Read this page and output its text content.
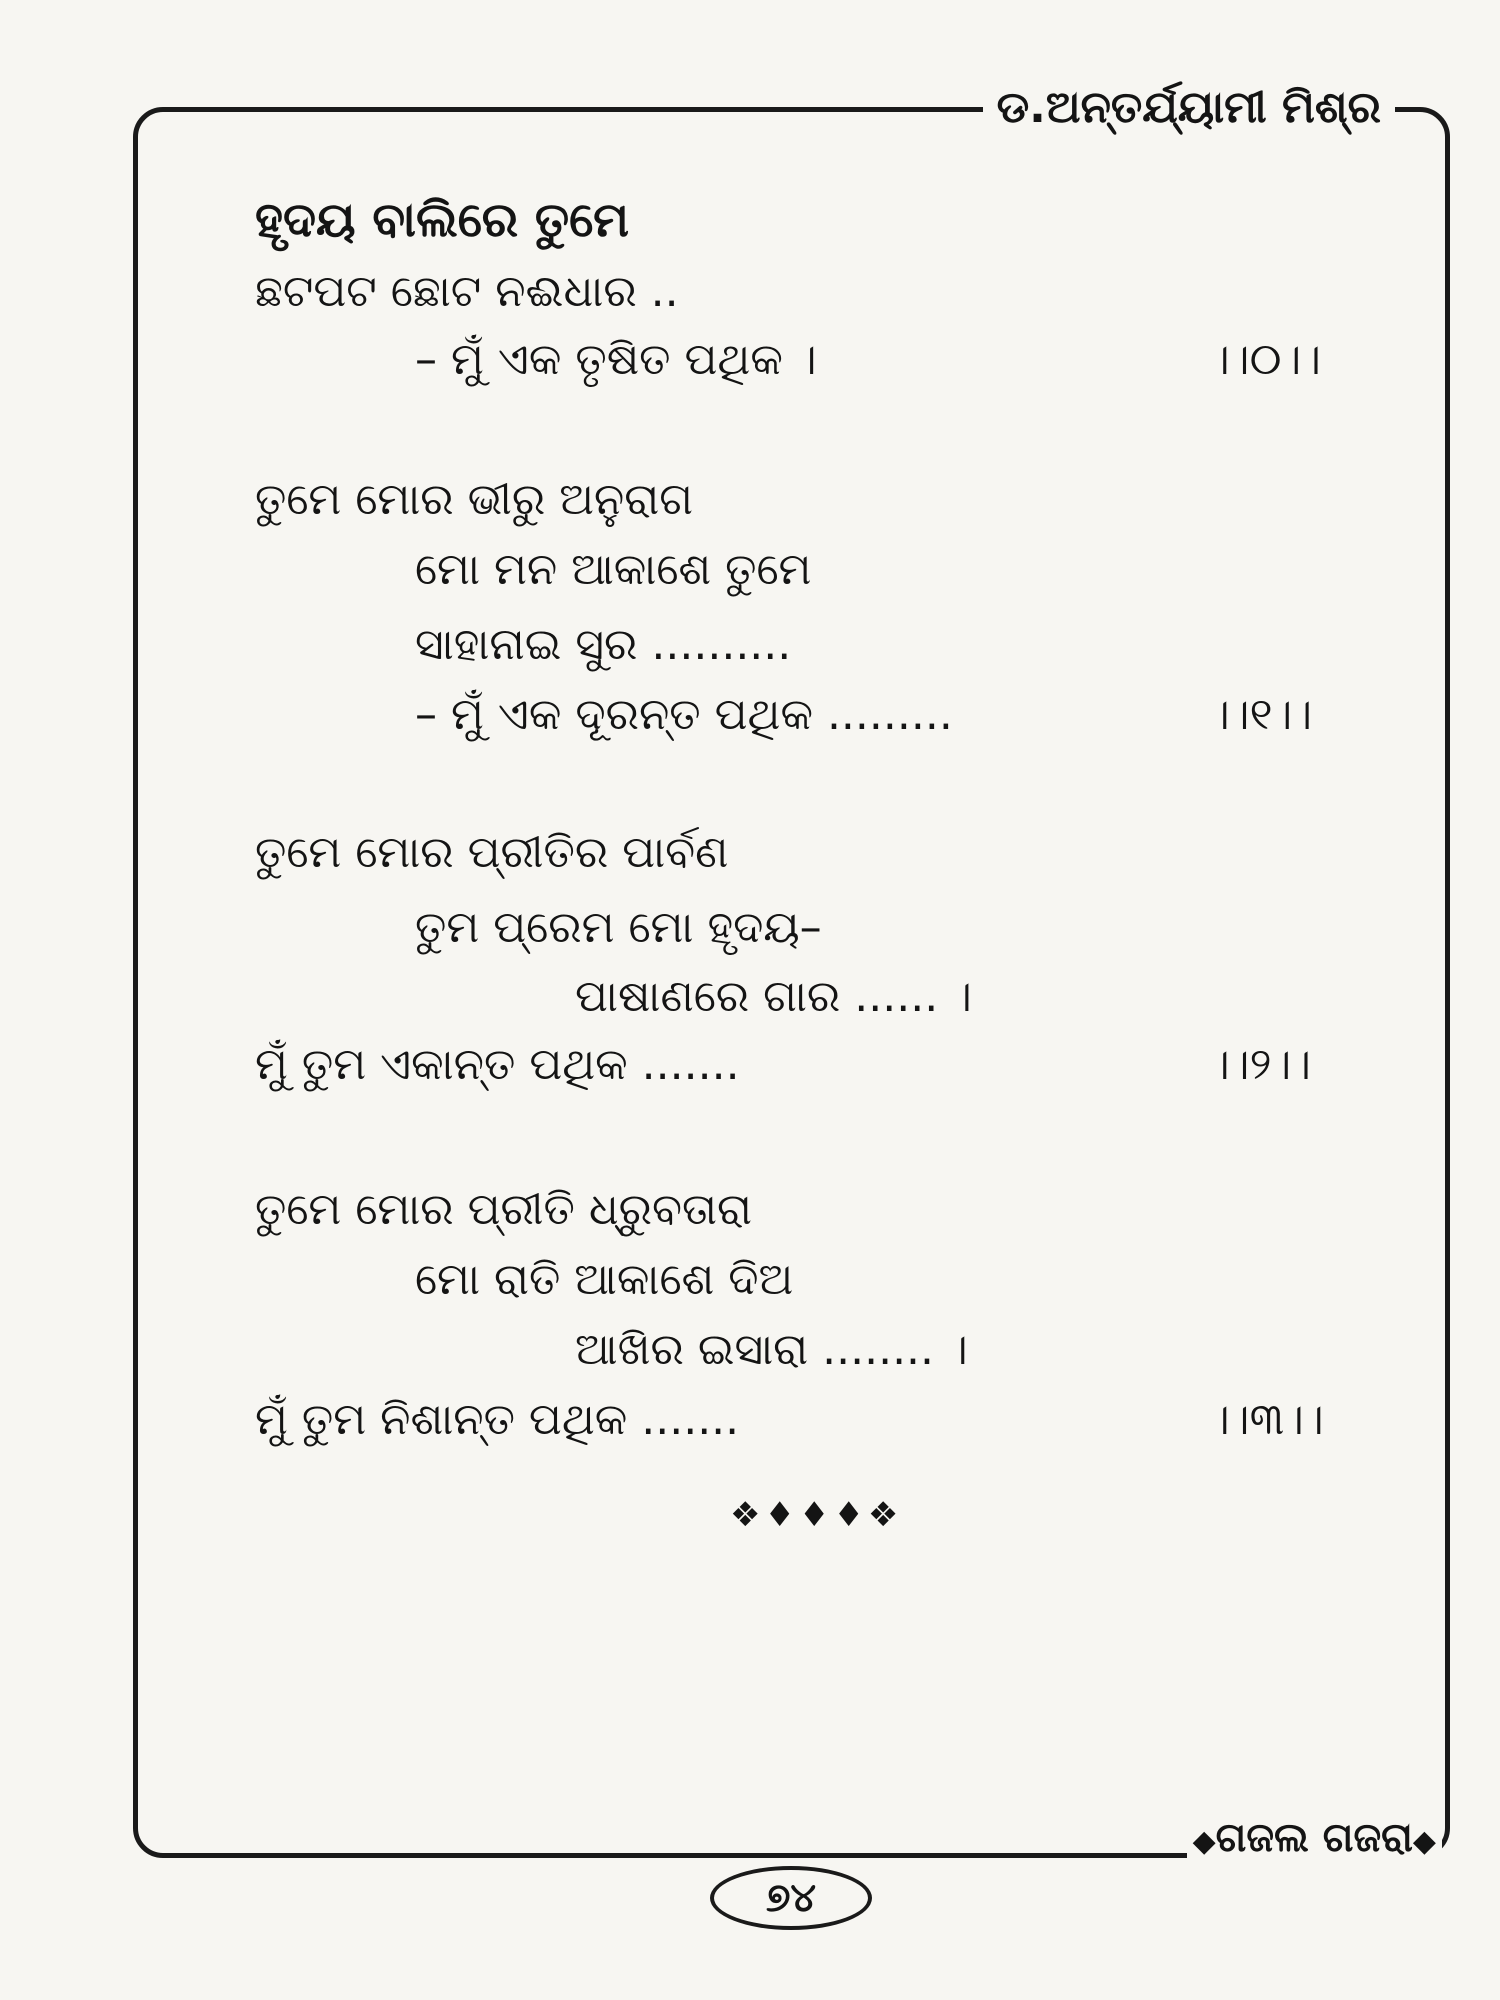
ଡ.ଅନ୍ତର୍ଯ୍ୟାମୀ ମିଶ୍ର
ହୃଦୟ ବାଲିରେ ତୁମେ
ଛଟପଟ ଛୋଟ ନଈଧାର ..
– ମୁଁ ଏକ ତୃଷିତ ପଥିକ ।	।।୦।।
ତୁମେ ମୋର ଭୀରୁ ଅନୁରାଗ
ମୋ ମନ ଆକାଶେ ତୁମେ
ସାହାନାଇ ସୁର ..........
– ମୁଁ ଏକ ଦୂରନ୍ତ ପଥିକ .........	।।୧।।
ତୁମେ ମୋର ପ୍ରୀତିର ପାର୍ବଣ
ତୁମ ପ୍ରେମ ମୋ ହୃଦୟ–
ପାଷାଣରେ ଗାର ...... ।
ମୁଁ ତୁମ ଏକାନ୍ତ ପଥିକ .......	।।୨।।
ତୁମେ ମୋର ପ୍ରୀତି ଧ୍ରୁବତାରା
ମୋ ରାତି ଆକାଶେ ଦିଅ
ଆଖିର ଇସାରା ........ ।
ମୁଁ ତୁମ ନିଶାନ୍ତ ପଥିକ .......	।।୩।।
❖♦♦♦❖
◆ଗଜଲ ଗଜରା◆
୭୪
